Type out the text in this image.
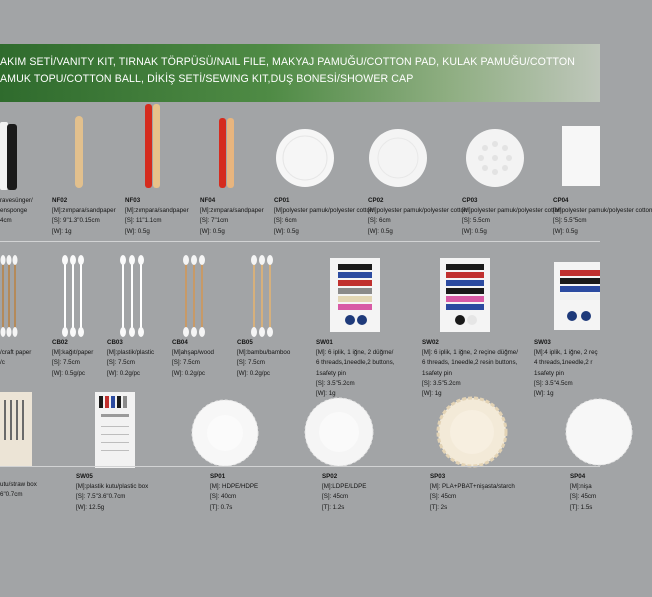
AKIM SETİ/VANITY KIT, TIRNAK TÖRPÜSÜ/NAIL FILE, MAKYAJ PAMUĞU/COTTON PAD, KULAK PAMUĞU/COTTON
AMUK TOPU/COTTON BALL, DİKİŞ SETİ/SEWING KIT,DUŞ BONESİ/SHOWER CAP
ravesünger/
ensponge
4cm
NF02
[M]:zımpara/sandpaper
[S]: 9"1.3"0.15cm
[W]: 1g
NF03
[M]:zımpara/sandpaper
[S]: 11"1.1cm
[W]: 0.5g
NF04
[M]:zımpara/sandpaper
[S]: 7"1cm
[W]: 0.5g
CP01
[M]polyester pamuk/polyester cotton
[S]: 6cm
[W]: 0.5g
CP02
[M]polyester pamuk/polyester cotton
[S]: 6cm
[W]: 0.5g
CP03
[M]polyester pamuk/polyester cotton
[S]: 5.5cm
[W]: 0.5g
CP04
[M]polyester pamuk/polyester cotton
[S]: 5.5"5cm
[W]: 0.5g

/craft paper
/c
CB02
[M]:kağıt/paper
[S]: 7.5cm
[W]: 0.5g/pc
CB03
[M]:plastik/plastic
[S]: 7.5cm
[W]: 0.2g/pc
CB04
[M]ahşap/wood
[S]: 7.5cm
[W]: 0.2g/pc
CB05
[M]:bambu/bamboo
[S]: 7.5cm
[W]: 0.2g/pc
SW01
[M]: 6 iplik, 1 iğne, 2 düğme/
6 threads,1needle,2 buttons,
1safety pin
[S]: 3.5"5.2cm
[W]: 1g
SW02
[M]: 6 iplik, 1 iğne, 2 reçine düğme/
6 threads, 1needle,2 resin buttons,
1safety pin
[S]: 3.5"5.2cm
[W]: 1g
SW03
[M]:4 iplik, 1 iğne, 2 reç
4 threads,1needle,2 r
1safety pin
[S]: 3.5"4.5cm
[W]: 1g
utu/straw box
6"0.7cm
SW05
[M]:plastik kutu/plastic box
[S]: 7.5"3.6"0.7cm
[W]: 12.5g
SP01
[M]: HDPE/HDPE
[S]: 40cm
[T]: 0.7s
SP02
[M]:LDPE/LDPE
[S]: 45cm
[T]: 1.2s
SP03
[M]: PLA+PBAT+nişasta/starch
[S]: 45cm
[T]: 2s
SP04
[M]:nişa
[S]: 45cm
[T]: 1.5s
